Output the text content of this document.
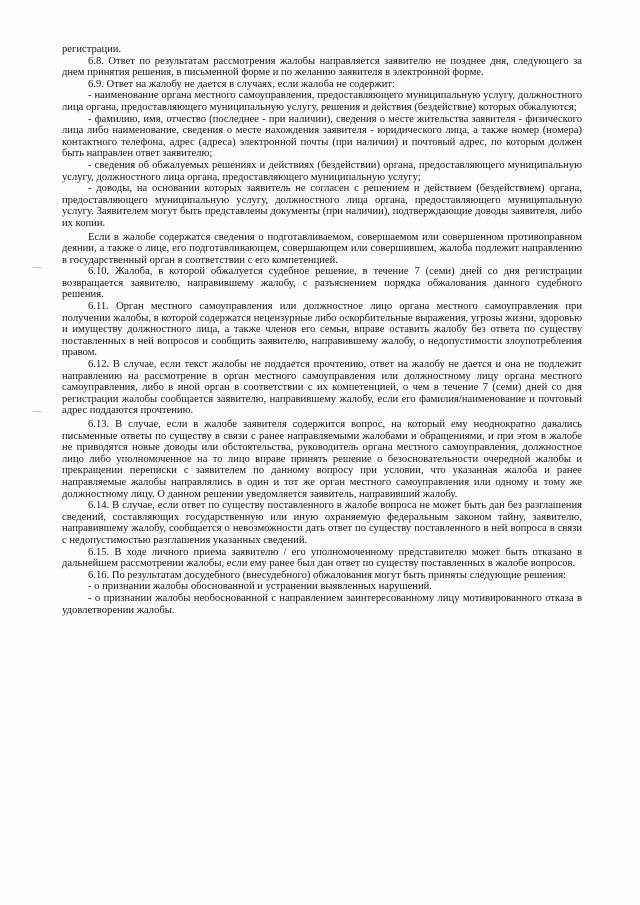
регистрации.

6.8. Ответ по результатам рассмотрения жалобы направляется заявителю не позднее дня, следующего за днем принятия решения, в письменной форме и по желанию заявителя в электронной форме.

6.9. Ответ на жалобу не дается в случаях, если жалоба не содержит:

- наименование органа местного самоуправления, предоставляющего муниципальную услугу, должностного лица органа, предоставляющего муниципальную услугу, решения и действия (бездействие) которых обжалуются;

- фамилию, имя, отчество (последнее - при наличии), сведения о месте жительства заявителя - физического лица либо наименование, сведения о месте нахождения заявителя - юридического лица, а также номер (номера) контактного телефона, адрес (адреса) электронной почты (при наличии) и почтовый адрес, по которым должен быть направлен ответ заявителю;

- сведения об обжалуемых решениях и действиях (бездействии) органа, предоставляющего муниципальную услугу, должностного лица органа, предоставляющего муниципальную услугу;

- доводы, на основании которых заявитель не согласен с решением и действием (бездействием) органа, предоставляющего муниципальную услугу, должностного лица органа, предоставляющего муниципальную услугу. Заявителем могут быть представлены документы (при наличии), подтверждающие доводы заявителя, либо их копии.

Если в жалобе содержатся сведения о подготавливаемом, совершаемом или совершенном противоправном деянии, а также о лице, его подготавливающем, совершающем или совершившем, жалоба подлежит направлению в государственный орган в соответствии с его компетенцией.

6.10. Жалоба, в которой обжалуется судебное решение, в течение 7 (семи) дней со дня регистрации возвращается заявителю, направившему жалобу, с разъяснением порядка обжалования данного судебного решения.

6.11. Орган местного самоуправления или должностное лицо органа местного самоуправления при получении жалобы, в которой содержатся нецензурные либо оскорбительные выражения, угрозы жизни, здоровью и имуществу должностного лица, а также членов его семьи, вправе оставить жалобу без ответа по существу поставленных в ней вопросов и сообщить заявителю, направившему жалобу, о недопустимости злоупотребления правом.

6.12. В случае, если текст жалобы не поддается прочтению, ответ на жалобу не дается и она не подлежит направлению на рассмотрение в орган местного самоуправления или должностному лицу органа местного самоуправления, либо в иной орган в соответствии с их компетенцией, о чем в течение 7 (семи) дней со дня регистрации жалобы сообщается заявителю, направившему жалобу, если его фамилия/наименование и почтовый адрес поддаются прочтению.

6.13. В случае, если в жалобе заявителя содержится вопрос, на который ему неоднократно давались письменные ответы по существу в связи с ранее направляемыми жалобами и обращениями, и при этом в жалобе не приводятся новые доводы или обстоятельства, руководитель органа местного самоуправления, должностное лицо либо уполномоченное на то лицо вправе принять решение о безосновательности очередной жалобы и прекращении переписки с заявителем по данному вопросу при условии, что указанная жалоба и ранее направляемые жалобы направлялись в один и тот же орган местного самоуправления или одному и тому же должностному лицу. О данном решении уведомляется заявитель, направивший жалобу.

6.14. В случае, если ответ по существу поставленного в жалобе вопроса не может быть дан без разглашения сведений, составляющих государственную или иную охраняемую федеральным законом тайну, заявителю, направившему жалобу, сообщается о невозможности дать ответ по существу поставленного в ней вопроса в связи с недопустимостью разглашения указанных сведений.

6.15. В ходе личного приема заявителю / его уполномоченному представителю может быть отказано в дальнейшем рассмотрении жалобы, если ему ранее был дан ответ по существу поставленных в жалобе вопросов.

6.16. По результатам досудебного (внесудебного) обжалования могут быть приняты следующие решения:

- о признании жалобы обоснованной и устранении выявленных нарушений.

- о признании жалобы необоснованной с направлением заинтересованному лицу мотивированного отказа в удовлетворении жалобы.
